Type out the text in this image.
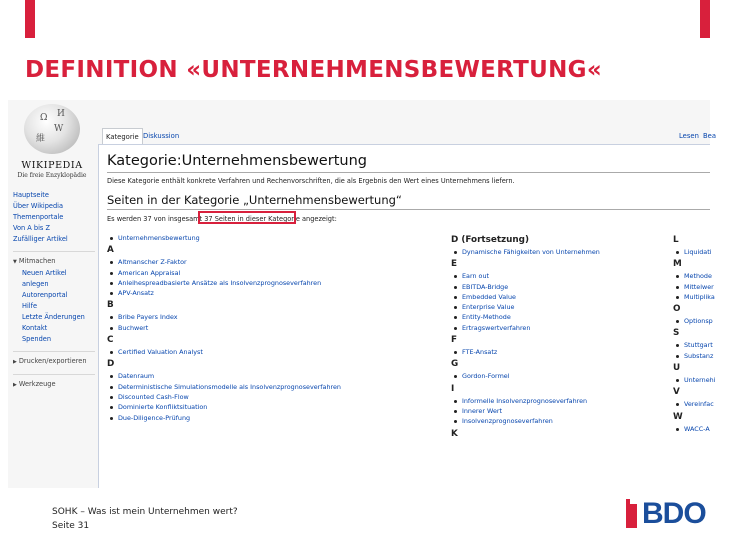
DEFINITION «UNTERNEHMENSBEWERTUNG«
Ω
W
維
И
WIKIPEDIA
Die freie Enzyklopädie
Hauptseite
Über Wikipedia
Themenportale
Von A bis Z
Zufälliger Artikel
▼ Mitmachen
Neuen Artikel
anlegen
Autorenportal
Hilfe
Letzte Änderungen
Kontakt
Spenden
▶ Drucken/exportieren
▶ Werkzeuge
Kategorie Diskussion	Lesen Bea
Kategorie:Unternehmensbewertung
Diese Kategorie enthält konkrete Verfahren und Rechenvorschriften, die als Ergebnis den Wert eines Unternehmens liefern.
Seiten in der Kategorie „Unternehmensbewertung“
Es werden 37 von insgesamt 37 Seiten in dieser Kategorie angezeigt:
Unternehmensbewertung
A
Altmanscher Z-Faktor
American Appraisal
Anleihespreadbasierte Ansätze als Insolvenzprognoseverfahren
APV-Ansatz
B
Bribe Payers Index
Buchwert
C
Certified Valuation Analyst
D
Datenraum
Deterministische Simulationsmodelle als Insolvenzprognoseverfahren
Discounted Cash-Flow
Dominierte Konfliktsituation
Due-Diligence-Prüfung
D (Fortsetzung)
Dynamische Fähigkeiten von Unternehmen
E
Earn out
EBITDA-Bridge
Embedded Value
Enterprise Value
Entity-Methode
Ertragswertverfahren
F
FTE-Ansatz
G
Gordon-Formel
I
Informelle Insolvenzprognoseverfahren
Innerer Wert
Insolvenzprognoseverfahren
K
L
Liquidati
M
Methode
Mittelwer
Multiplika
O
Optionsp
S
Stuttgart
Substanz
U
Unternehi
V
Vereinfac
W
WACC-A
SOHK – Was ist mein Unternehmen wert?
Seite 31	BDO
